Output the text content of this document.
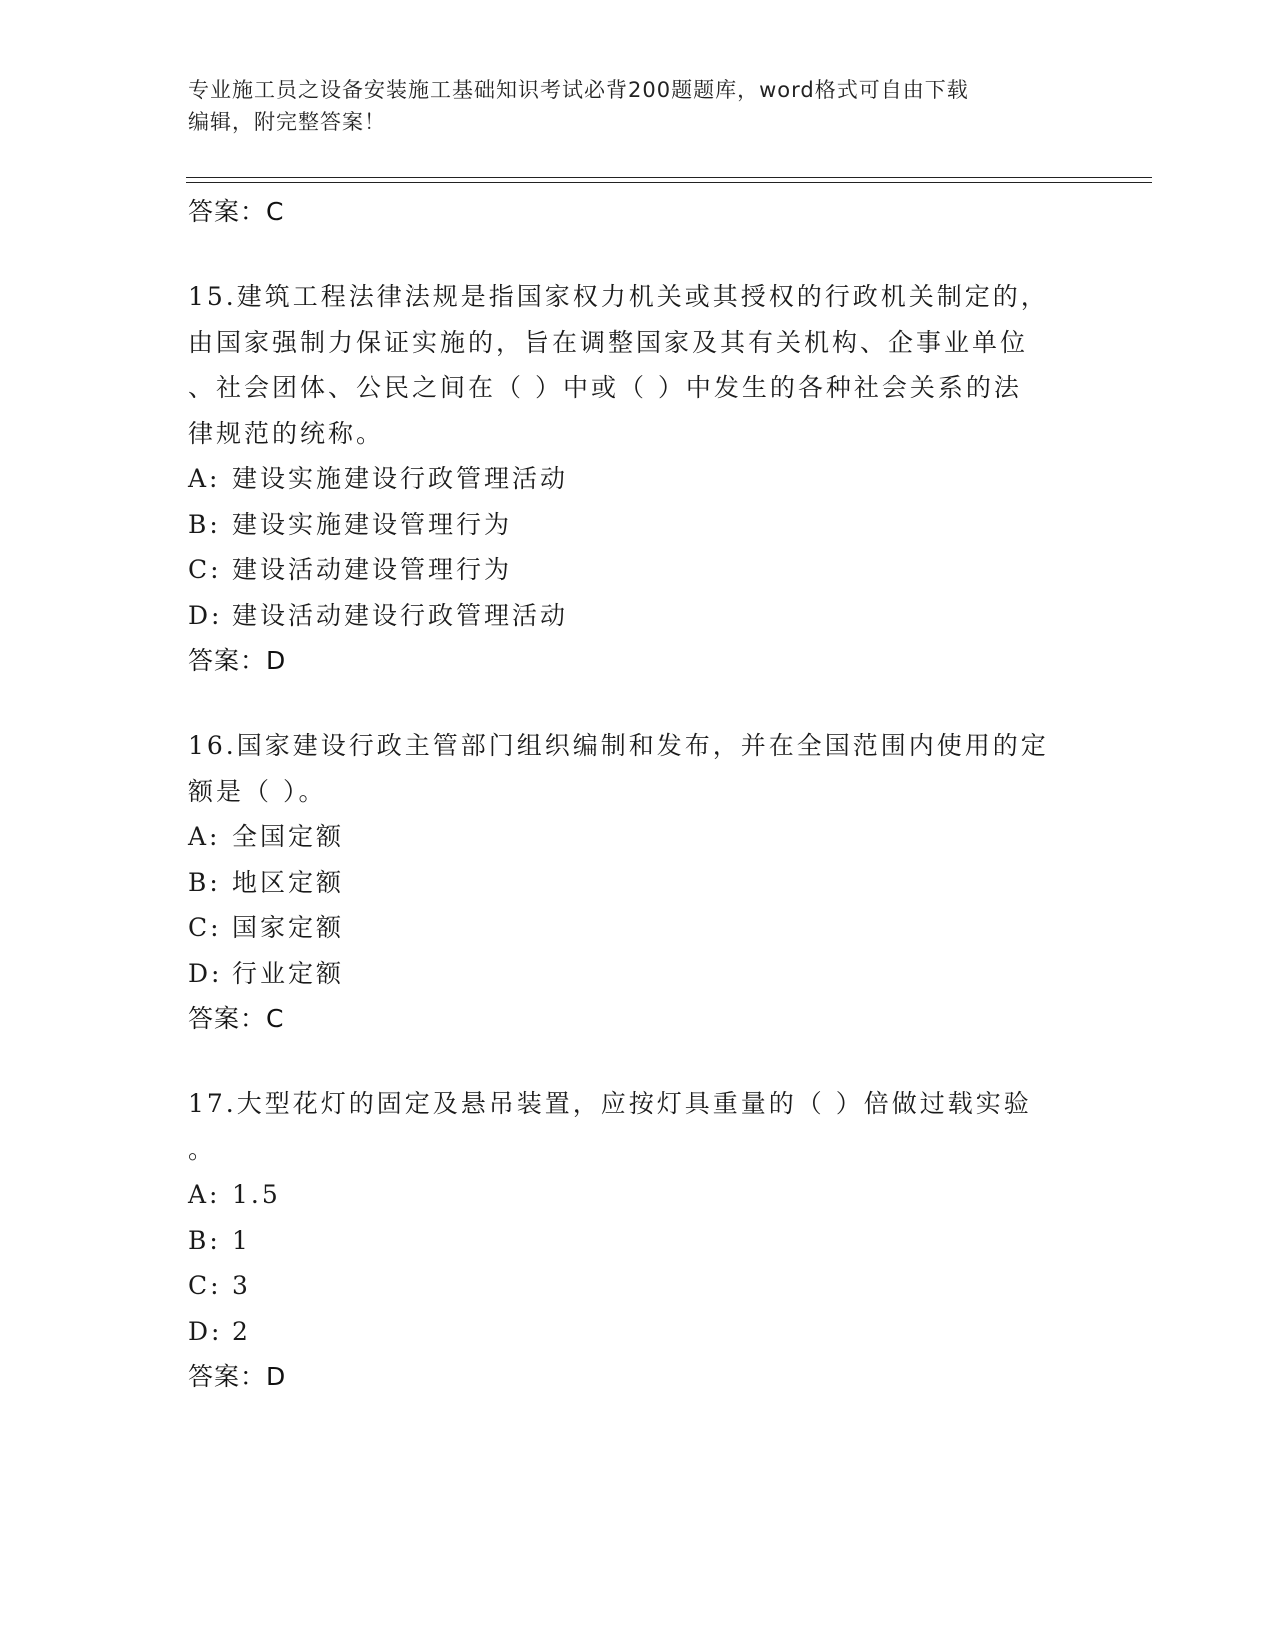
专业施工员之设备安装施工基础知识考试必背200题题库，word格式可自由下载
编辑，附完整答案！
答案：C
15.建筑工程法律法规是指国家权力机关或其授权的行政机关制定的，
由国家强制力保证实施的，旨在调整国家及其有关机构、企事业单位
、社会团体、公民之间在（ ）中或（ ）中发生的各种社会关系的法
律规范的统称。
A: 建设实施建设行政管理活动
B: 建设实施建设管理行为
C: 建设活动建设管理行为
D: 建设活动建设行政管理活动
答案：D
16.国家建设行政主管部门组织编制和发布，并在全国范围内使用的定
额是（ ）。
A: 全国定额
B: 地区定额
C: 国家定额
D: 行业定额
答案：C
17.大型花灯的固定及悬吊装置，应按灯具重量的（ ）倍做过载实验
。
A: 1.5
B: 1
C: 3
D: 2
答案：D
